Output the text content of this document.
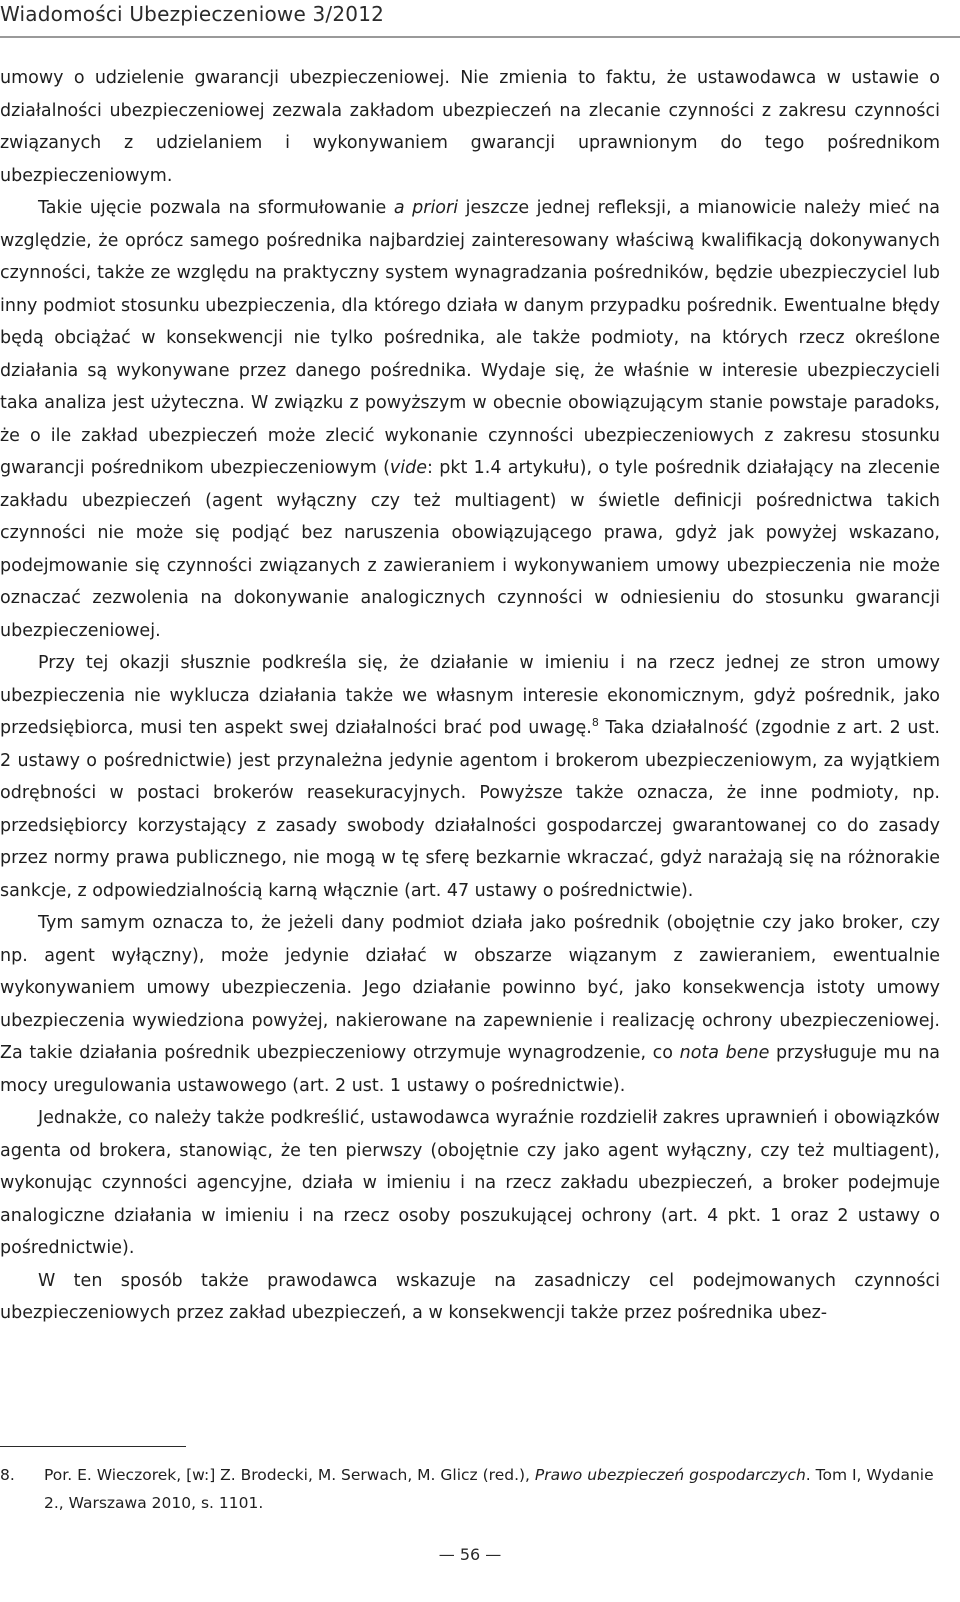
Wiadomości Ubezpieczeniowe 3/2012

umowy o udzielenie gwarancji ubezpieczeniowej. Nie zmienia to faktu, że ustawodawca w ustawie o działalności ubezpieczeniowej zezwala zakładom ubezpieczeń na zlecanie czynności z zakresu czynności związanych z udzielaniem i wykonywaniem gwarancji uprawnionym do tego pośrednikom ubezpieczeniowym.

Takie ujęcie pozwala na sformułowanie a priori jeszcze jednej refleksji, a mianowicie należy mieć na względzie, że oprócz samego pośrednika najbardziej zainteresowany właściwą kwalifikacją dokonywanych czynności, także ze względu na praktyczny system wynagradzania pośredników, będzie ubezpieczyciel lub inny podmiot stosunku ubezpieczenia, dla którego działa w danym przypadku pośrednik. Ewentualne błędy będą obciążać w konsekwencji nie tylko pośrednika, ale także podmioty, na których rzecz określone działania są wykonywane przez danego pośrednika. Wydaje się, że właśnie w interesie ubezpieczycieli taka analiza jest użyteczna. W związku z powyższym w obecnie obowiązującym stanie powstaje paradoks, że o ile zakład ubezpieczeń może zlecić wykonanie czynności ubezpieczeniowych z zakresu stosunku gwarancji pośrednikom ubezpieczeniowym (vide: pkt 1.4 artykułu), o tyle pośrednik działający na zlecenie zakładu ubezpieczeń (agent wyłączny czy też multiagent) w świetle definicji pośrednictwa takich czynności nie może się podjąć bez naruszenia obowiązującego prawa, gdyż jak powyżej wskazano, podejmowanie się czynności związanych z zawieraniem i wykonywaniem umowy ubezpieczenia nie może oznaczać zezwolenia na dokonywanie analogicznych czynności w odniesieniu do stosunku gwarancji ubezpieczeniowej.

Przy tej okazji słusznie podkreśla się, że działanie w imieniu i na rzecz jednej ze stron umowy ubezpieczenia nie wyklucza działania także we własnym interesie ekonomicznym, gdyż pośrednik, jako przedsiębiorca, musi ten aspekt swej działalności brać pod uwagę.$^8$ Taka działalność (zgodnie z art. 2 ust. 2 ustawy o pośrednictwie) jest przynależna jedynie agentom i brokerom ubezpieczeniowym, za wyjątkiem odrębności w postaci brokerów reasekuracyjnych. Powyższe także oznacza, że inne podmioty, np. przedsiębiorcy korzystający z zasady swobody działalności gospodarczej gwarantowanej co do zasady przez normy prawa publicznego, nie mogą w tę sferę bezkarnie wkraczać, gdyż narażają się na różnorakie sankcje, z odpowiedzialnością karną włącznie (art. 47 ustawy o pośrednictwie).

Tym samym oznacza to, że jeżeli dany podmiot działa jako pośrednik (obojętnie czy jako broker, czy np. agent wyłączny), może jedynie działać w obszarze wiązanym z zawieraniem, ewentualnie wykonywaniem umowy ubezpieczenia. Jego działanie powinno być, jako konsekwencja istoty umowy ubezpieczenia wywiedziona powyżej, nakierowane na zapewnienie i realizację ochrony ubezpieczeniowej. Za takie działania pośrednik ubezpieczeniowy otrzymuje wynagrodzenie, co nota bene przysługuje mu na mocy uregulowania ustawowego (art. 2 ust. 1 ustawy o pośrednictwie).

Jednakże, co należy także podkreślić, ustawodawca wyraźnie rozdzielił zakres uprawnień i obowiązków agenta od brokera, stanowiąc, że ten pierwszy (obojętnie czy jako agent wyłączny, czy też multiagent), wykonując czynności agencyjne, działa w imieniu i na rzecz zakładu ubezpieczeń, a broker podejmuje analogiczne działania w imieniu i na rzecz osoby poszukującej ochrony (art. 4 pkt. 1 oraz 2 ustawy o pośrednictwie).

W ten sposób także prawodawca wskazuje na zasadniczy cel podejmowanych czynności ubezpieczeniowych przez zakład ubezpieczeń, a w konsekwencji także przez pośrednika ubez-

8. Por. E. Wieczorek, [w:] Z. Brodecki, M. Serwach, M. Glicz (red.), Prawo ubezpieczeń gospodarczych. Tom I, Wydanie 2., Warszawa 2010, s. 1101.
— 56 —
